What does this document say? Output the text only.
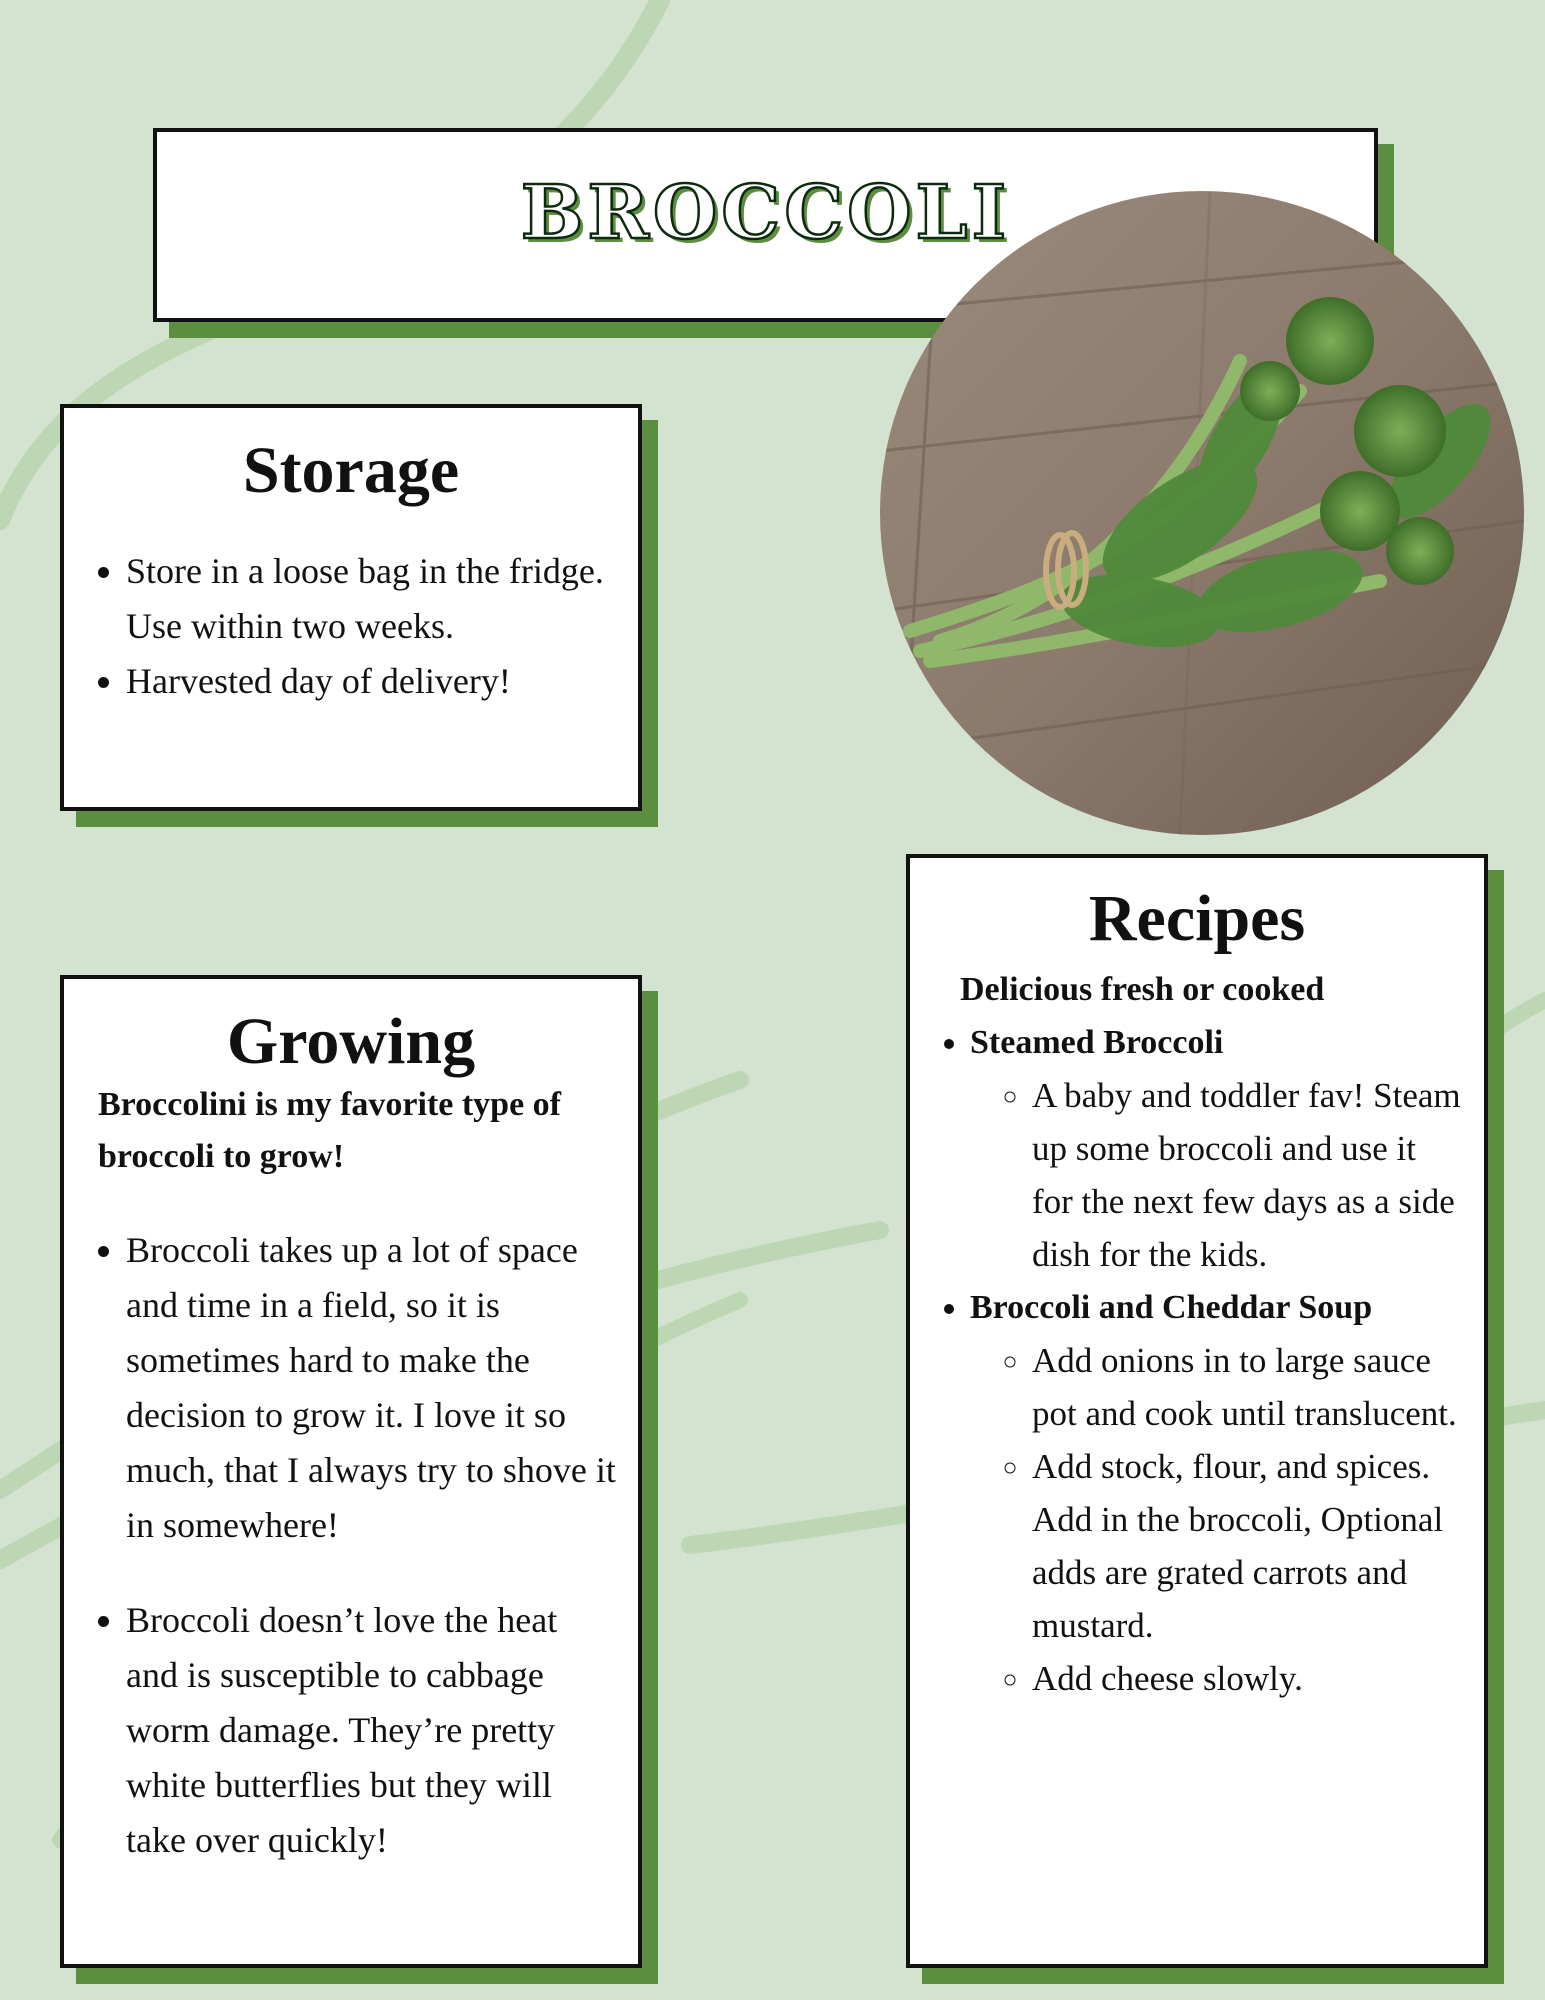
BROCCOLI
Storage
• Store in a loose bag in the fridge. Use within two weeks.
• Harvested day of delivery!
Growing

Broccolini is my favorite type of broccoli to grow!

• Broccoli takes up a lot of space and time in a field, so it is sometimes hard to make the decision to grow it. I love it so much, that I always try to shove it in somewhere!
• Broccoli doesn’t love the heat and is susceptible to cabbage worm damage. They’re pretty white butterflies but they will take over quickly!
Recipes

Delicious fresh or cooked

• Steamed Broccoli
◦ A baby and toddler fav! Steam up some broccoli and use it for the next few days as a side dish for the kids.
• Broccoli and Cheddar Soup
◦ Add onions in to large sauce pot and cook until translucent.
◦ Add stock, flour, and spices. Add in the broccoli, Optional adds are grated carrots and mustard.
◦ Add cheese slowly.
